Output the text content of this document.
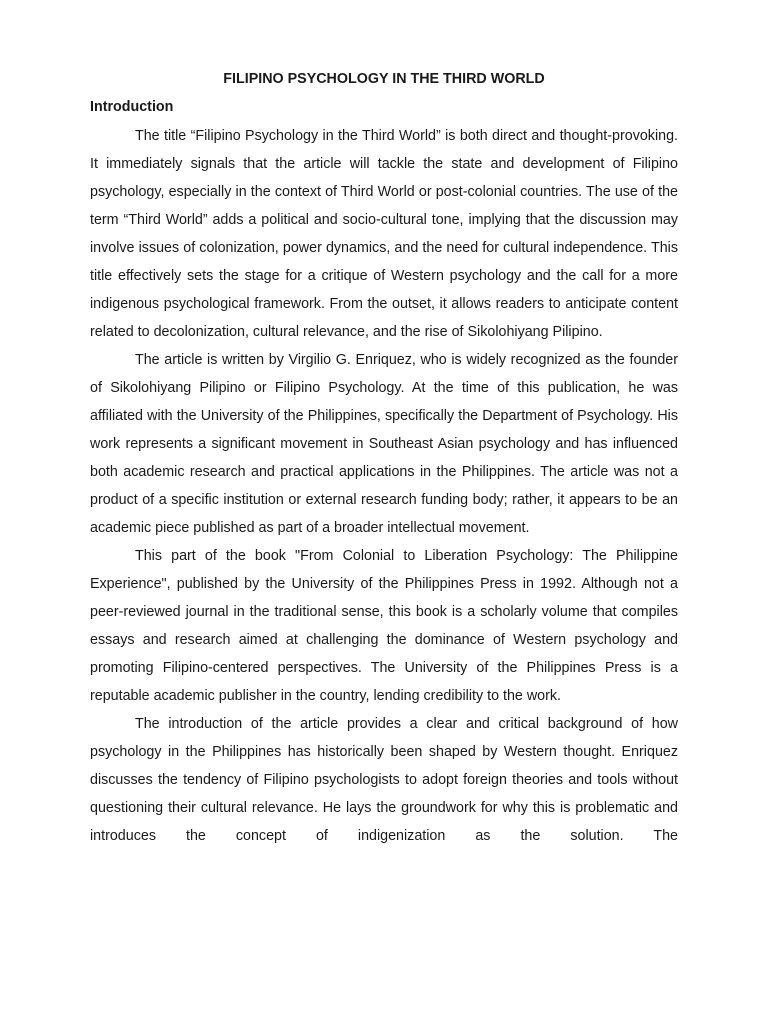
FILIPINO PSYCHOLOGY IN THE THIRD WORLD
Introduction

The title “Filipino Psychology in the Third World” is both direct and thought-provoking. It immediately signals that the article will tackle the state and development of Filipino psychology, especially in the context of Third World or post-colonial countries. The use of the term “Third World” adds a political and socio-cultural tone, implying that the discussion may involve issues of colonization, power dynamics, and the need for cultural independence. This title effectively sets the stage for a critique of Western psychology and the call for a more indigenous psychological framework. From the outset, it allows readers to anticipate content related to decolonization, cultural relevance, and the rise of Sikolohiyang Pilipino.

The article is written by Virgilio G. Enriquez, who is widely recognized as the founder of Sikolohiyang Pilipino or Filipino Psychology. At the time of this publication, he was affiliated with the University of the Philippines, specifically the Department of Psychology. His work represents a significant movement in Southeast Asian psychology and has influenced both academic research and practical applications in the Philippines. The article was not a product of a specific institution or external research funding body; rather, it appears to be an academic piece published as part of a broader intellectual movement.

This part of the book "From Colonial to Liberation Psychology: The Philippine Experience", published by the University of the Philippines Press in 1992. Although not a peer-reviewed journal in the traditional sense, this book is a scholarly volume that compiles essays and research aimed at challenging the dominance of Western psychology and promoting Filipino-centered perspectives. The University of the Philippines Press is a reputable academic publisher in the country, lending credibility to the work.

The introduction of the article provides a clear and critical background of how psychology in the Philippines has historically been shaped by Western thought. Enriquez discusses the tendency of Filipino psychologists to adopt foreign theories and tools without questioning their cultural relevance. He lays the groundwork for why this is problematic and introduces the concept of indigenization as the solution. The
